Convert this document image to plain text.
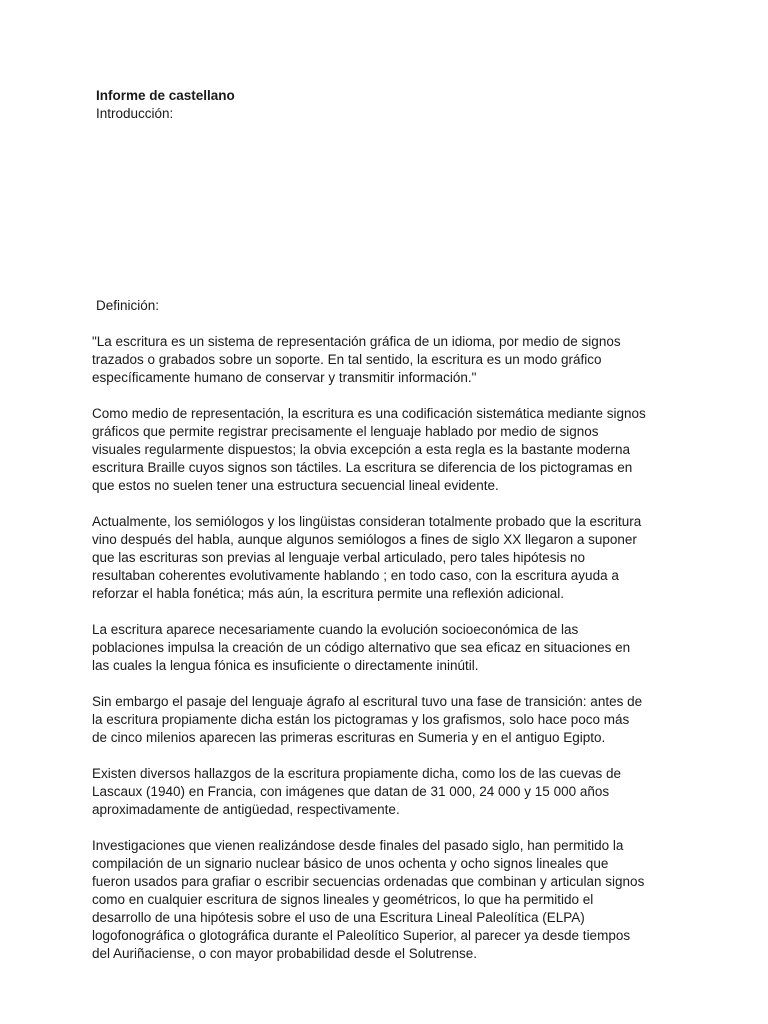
Informe de castellano

Introducción:

Definición:

"La escritura es un sistema de representación gráfica de un idioma, por medio de signos
trazados o grabados sobre un soporte. En tal sentido, la escritura es un modo gráfico
específicamente humano de conservar y transmitir información."

Como medio de representación, la escritura es una codificación sistemática mediante signos
gráficos que permite registrar precisamente el lenguaje hablado por medio de signos
visuales regularmente dispuestos; la obvia excepción a esta regla es la bastante moderna
escritura Braille cuyos signos son táctiles. La escritura se diferencia de los pictogramas en
que estos no suelen tener una estructura secuencial lineal evidente.

Actualmente, los semiólogos y los lingüistas consideran totalmente probado que la escritura
vino después del habla, aunque algunos semiólogos a fines de siglo XX llegaron a suponer
que las escrituras son previas al lenguaje verbal articulado, pero tales hipótesis no
resultaban coherentes evolutivamente hablando ; en todo caso, con la escritura ayuda a
reforzar el habla fonética; más aún, la escritura permite una reflexión adicional.

La escritura aparece necesariamente cuando la evolución socioeconómica de las
poblaciones impulsa la creación de un código alternativo que sea eficaz en situaciones en
las cuales la lengua fónica es insuficiente o directamente ininútil.

Sin embargo el pasaje del lenguaje ágrafo al escritural tuvo una fase de transición: antes de
la escritura propiamente dicha están los pictogramas y los grafismos, solo hace poco más
de cinco milenios aparecen las primeras escrituras en Sumeria y en el antiguo Egipto.

Existen diversos hallazgos de la escritura propiamente dicha, como los de las cuevas de
Lascaux (1940) en Francia, con imágenes que datan de 31 000, 24 000 y 15 000 años
aproximadamente de antigüedad, respectivamente.

Investigaciones que vienen realizándose desde finales del pasado siglo, han permitido la
compilación de un signario nuclear básico de unos ochenta y ocho signos lineales que
fueron usados para grafiar o escribir secuencias ordenadas que combinan y articulan signos
como en cualquier escritura de signos lineales y geométricos, lo que ha permitido el
desarrollo de una hipótesis sobre el uso de una Escritura Lineal Paleolítica (ELPA)
logofonográfica o glotográfica durante el Paleolítico Superior, al parecer ya desde tiempos
del Auriñaciense, o con mayor probabilidad desde el Solutrense.
